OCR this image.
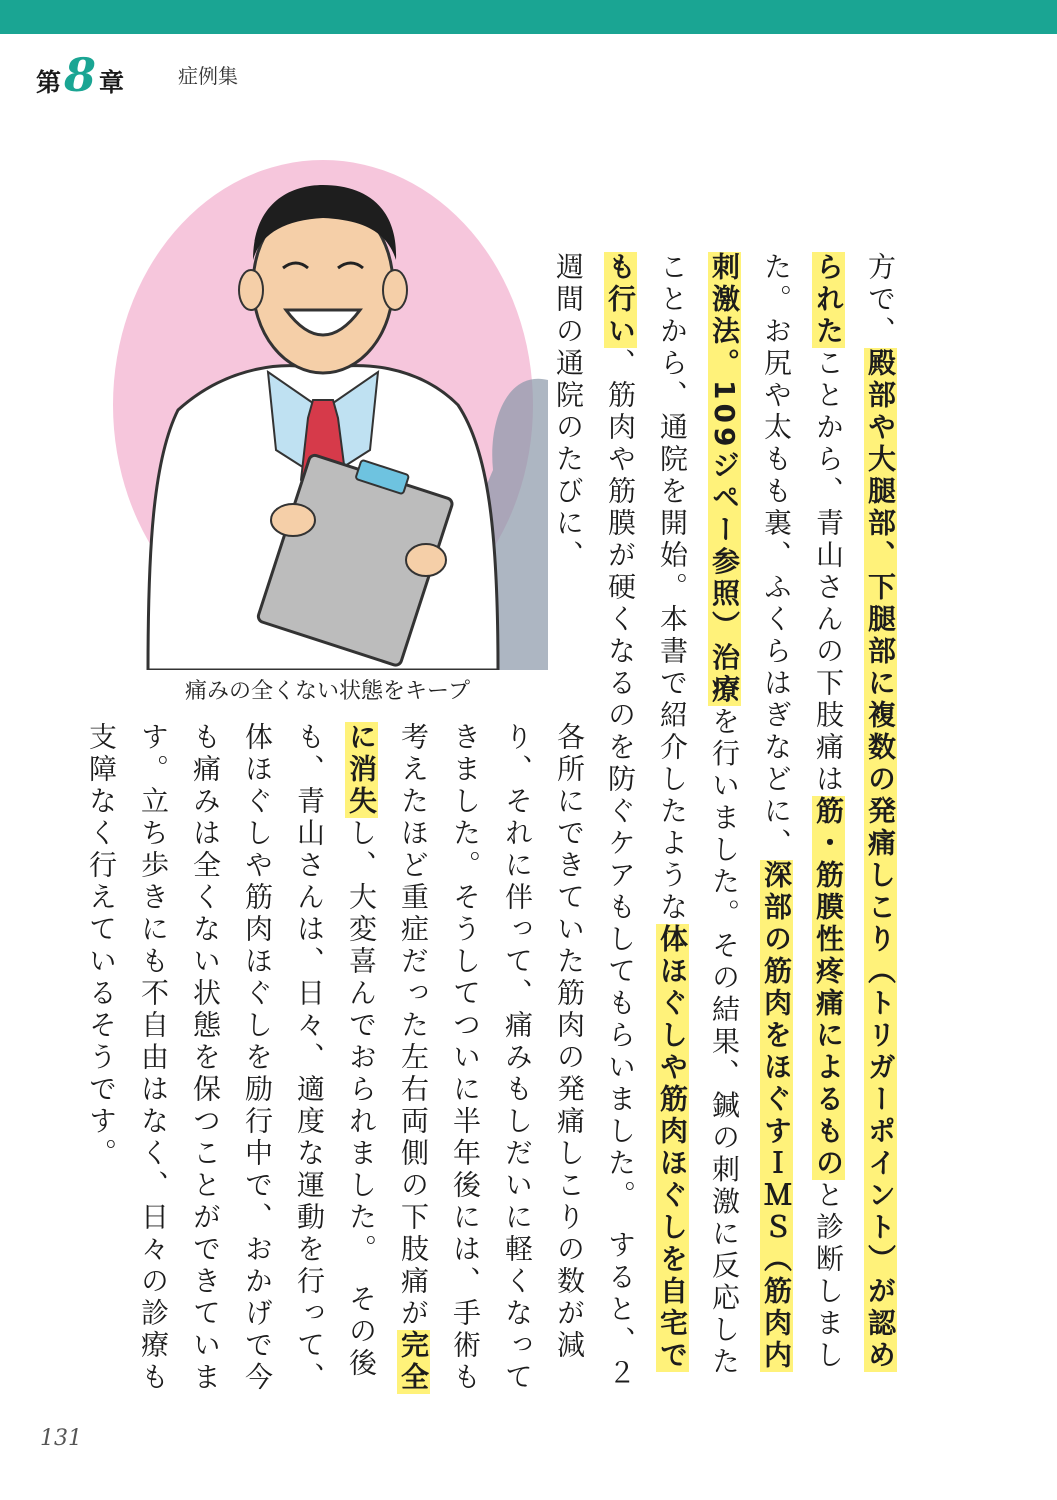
第 8 章	症例集
痛みの全くない状態をキープ
方で、殿部や大腿部、下腿部に複数の発痛しこり（トリガーポイント）が認められたことから、青山さんの下肢痛は筋・筋膜性疼痛によるものと診断しました。お尻や太もも裏、ふくらはぎなどに、深部の筋肉をほぐすＩＭＳ（筋肉内刺激法。109ジペー参照）治療を行いました。その結果、鍼の刺激に反応したことから、通院を開始。本書で紹介したような体ほぐしや筋肉ほぐしを自宅でも行い、筋肉や筋膜が硬くなるのを防ぐケアもしてもらいました。　すると、２週間の通院のたびに、
各所にできていた筋肉の発痛しこりの数が減り、それに伴って、痛みもしだいに軽くなってきました。そうしてついに半年後には、手術も考えたほど重症だった左右両側の下肢痛が完全に消失し、大変喜んでおられました。　その後も、青山さんは、日々、適度な運動を行って、体ほぐしや筋肉ほぐしを励行中で、おかげで今も痛みは全くない状態を保つことができています。立ち歩きにも不自由はなく、日々の診療も支障なく行えているそうです。
131
